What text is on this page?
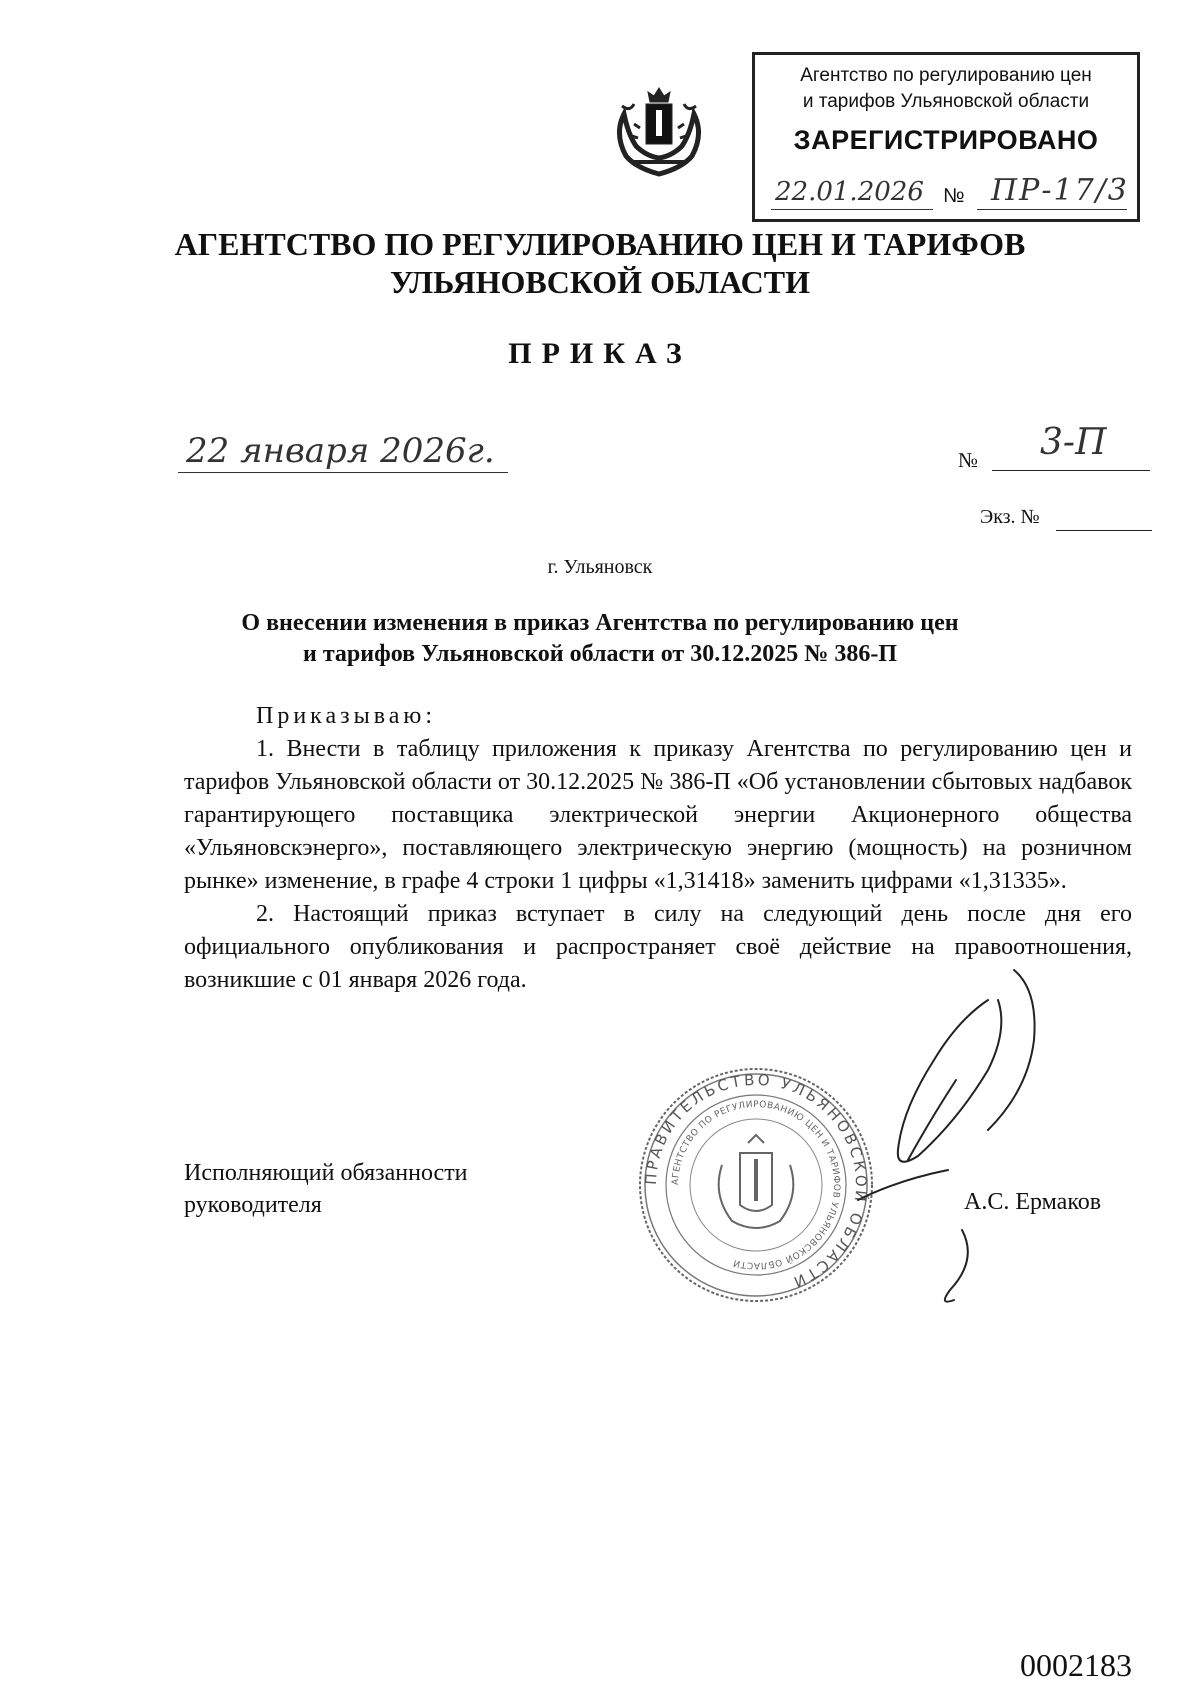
Агентство по регулированию цен
и тарифов Ульяновской области
ЗАРЕГИСТРИРОВАНО
22.01.2026 № ПР-17/3
АГЕНТСТВО ПО РЕГУЛИРОВАНИЮ ЦЕН И ТАРИФОВ
УЛЬЯНОВСКОЙ ОБЛАСТИ
ПРИКАЗ
22 января 2026г.	№ 3-П
Экз. №
г. Ульяновск
О внесении изменения в приказ Агентства по регулированию цен
и тарифов Ульяновской области от 30.12.2025 № 386-П

Приказываю:

1. Внести в таблицу приложения к приказу Агентства по регулированию цен и тарифов Ульяновской области от 30.12.2025 № 386-П «Об установлении сбытовых надбавок гарантирующего поставщика электрической энергии Акционерного общества «Ульяновскэнерго», поставляющего электрическую энергию (мощность) на розничном рынке» изменение, в графе 4 строки 1 цифры «1,31418» заменить цифрами «1,31335».

2. Настоящий приказ вступает в силу на следующий день после дня его официального опубликования и распространяет своё действие на правоотношения, возникшие с 01 января 2026 года.

ПРАВИТЕЛЬСТВО УЛЬЯНОВСКОЙ ОБЛАСТИ
АГЕНТСТВО ПО РЕГУЛИРОВАНИЮ ЦЕН И ТАРИФОВ УЛЬЯНОВСКОЙ ОБЛАСТИ
Исполняющий обязанности
руководителя	А.С. Ермаков
0002183
